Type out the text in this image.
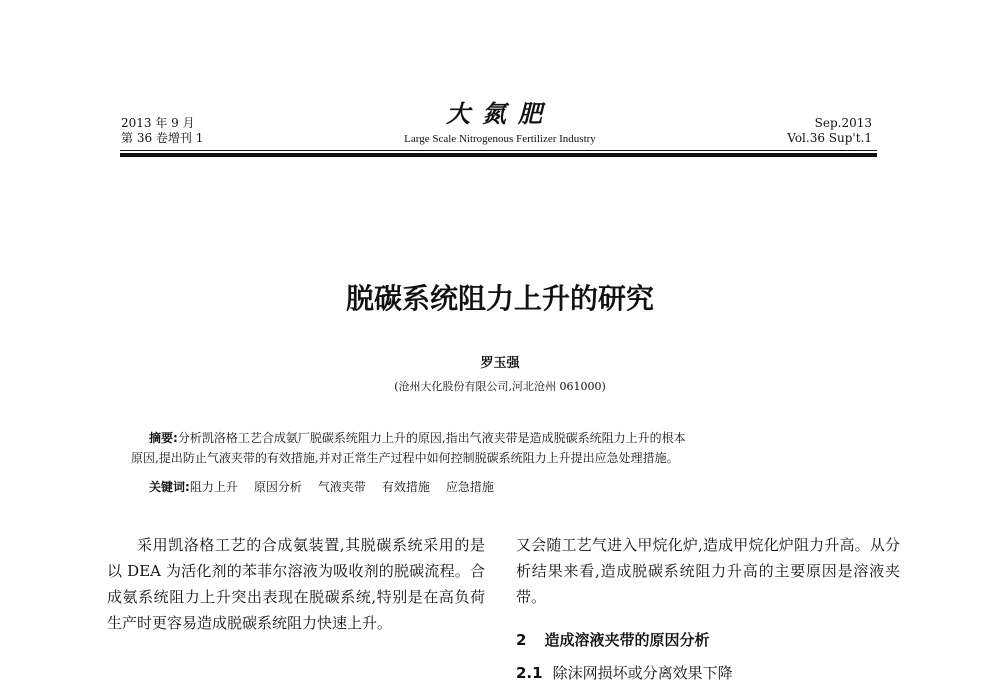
2013 年 9 月
第 36 卷增刊 1
大氮肥
Large Scale Nitrogenous Fertilizer Industry
Sep.2013
Vol.36 Sup't.1
脱碳系统阻力上升的研究
罗玉强
(沧州大化股份有限公司,河北沧州 061000)
摘要:分析凯洛格工艺合成氨厂脱碳系统阻力上升的原因,指出气液夹带是造成脱碳系统阻力上升的根本
原因,提出防止气液夹带的有效措施,并对正常生产过程中如何控制脱碳系统阻力上升提出应急处理措施。
关键词:阻力上升 原因分析 气液夹带 有效措施 应急措施

采用凯洛格工艺的合成氨装置,其脱碳系统采用的是以 DEA 为活化剂的苯菲尔溶液为吸收剂的脱碳流程。合成氨系统阻力上升突出表现在脱碳系统,特别是在高负荷生产时更容易造成脱碳系统阻力快速上升。

又会随工艺气进入甲烷化炉,造成甲烷化炉阻力升高。从分析结果来看,造成脱碳系统阻力升高的主要原因是溶液夹带。

2 造成溶液夹带的原因分析
2.1 除沫网损坏或分离效果下降
